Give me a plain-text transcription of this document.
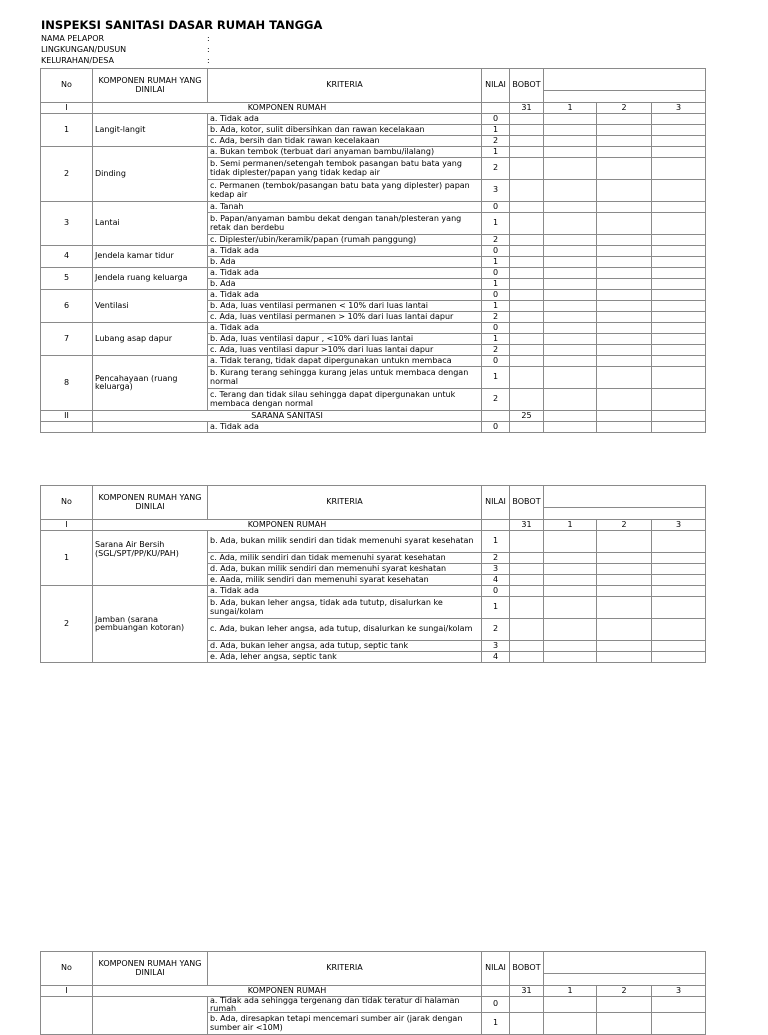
INSPEKSI SANITASI DASAR RUMAH TANGGA
NAMA PELAPOR	:
LINGKUNGAN/DUSUN	:
KELURAHAN/DESA	:
No	KOMPONEN RUMAH YANG DINILAI	KRITERIA	NILAI	BOBOT			

I	KOMPONEN RUMAH			31	1	2	3
1	Langit-langit	a. Tidak ada	0				
		b. Ada, kotor, sulit dibersihkan dan rawan kecelakaan	1				
		c. Ada, bersih dan tidak rawan kecelakaan	2				
2	Dinding	a. Bukan tembok (terbuat dari anyaman bambu/ilalang)	1				
		b. Semi permanen/setengah tembok pasangan batu bata yang tidak diplester/papan yang tidak kedap air	2				
		c. Permanen (tembok/pasangan batu bata yang diplester) papan kedap air	3				
3	Lantai	a. Tanah	0				
		b. Papan/anyaman bambu dekat dengan tanah/plesteran yang retak dan berdebu	1				
		c. Diplester/ubin/keramik/papan (rumah panggung)	2				
4	Jendela kamar tidur	a. Tidak ada	0				
		b. Ada	1				
5	Jendela ruang keluarga	a. Tidak ada	0				
		b. Ada	1				
6	Ventilasi	a. Tidak ada	0				
		b. Ada, luas ventilasi permanen < 10% dari luas lantai	1				
		c. Ada, luas ventilasi permanen > 10% dari luas lantai dapur	2				
7	Lubang asap dapur	a. Tidak ada	0				
		b. Ada, luas ventilasi dapur , <10% dari luas lantai	1				
		c. Ada, luas ventilasi dapur >10% dari luas lantai dapur	2				
8	Pencahayaan (ruang keluarga)	a. Tidak terang, tidak dapat dipergunakan untukn membaca	0				
		b. Kurang terang sehingga kurang jelas untuk membaca dengan normal	1				
		c. Terang dan tidak silau sehingga dapat dipergunakan untuk membaca dengan normal	2				
II	SARANA SANITASI			25			
		a. Tidak ada	0				
No	KOMPONEN RUMAH YANG DINILAI	KRITERIA	NILAI	BOBOT			

I	KOMPONEN RUMAH			31	1	2	3
1	Sarana Air Bersih (SGL/SPT/PP/KU/PAH)	b. Ada, bukan milik sendiri dan tidak memenuhi syarat kesehatan	1				
		c. Ada, milik sendiri dan tidak memenuhi syarat kesehatan	2				
		d. Ada, bukan milik sendiri dan memenuhi syarat keshatan	3				
		e. Aada, milik sendiri dan memenuhi syarat kesehatan	4				
2	Jamban (sarana pembuangan kotoran)	a. Tidak ada	0				
		b. Ada, bukan leher angsa, tidak ada tututp, disalurkan ke sungai/kolam	1				
		c. Ada, bukan leher angsa, ada tutup, disalurkan ke sungai/kolam	2				
		d. Ada, bukan leher angsa, ada tutup, septic tank	3				
		e. Ada, leher angsa, septic tank	4				
No	KOMPONEN RUMAH YANG DINILAI	KRITERIA	NILAI	BOBOT			

I	KOMPONEN RUMAH			31	1	2	3
		a. Tidak ada sehingga tergenang dan tidak teratur di halaman rumah	0				
		b. Ada, diresapkan tetapi mencemari sumber air (jarak dengan sumber air <10M)	1				
